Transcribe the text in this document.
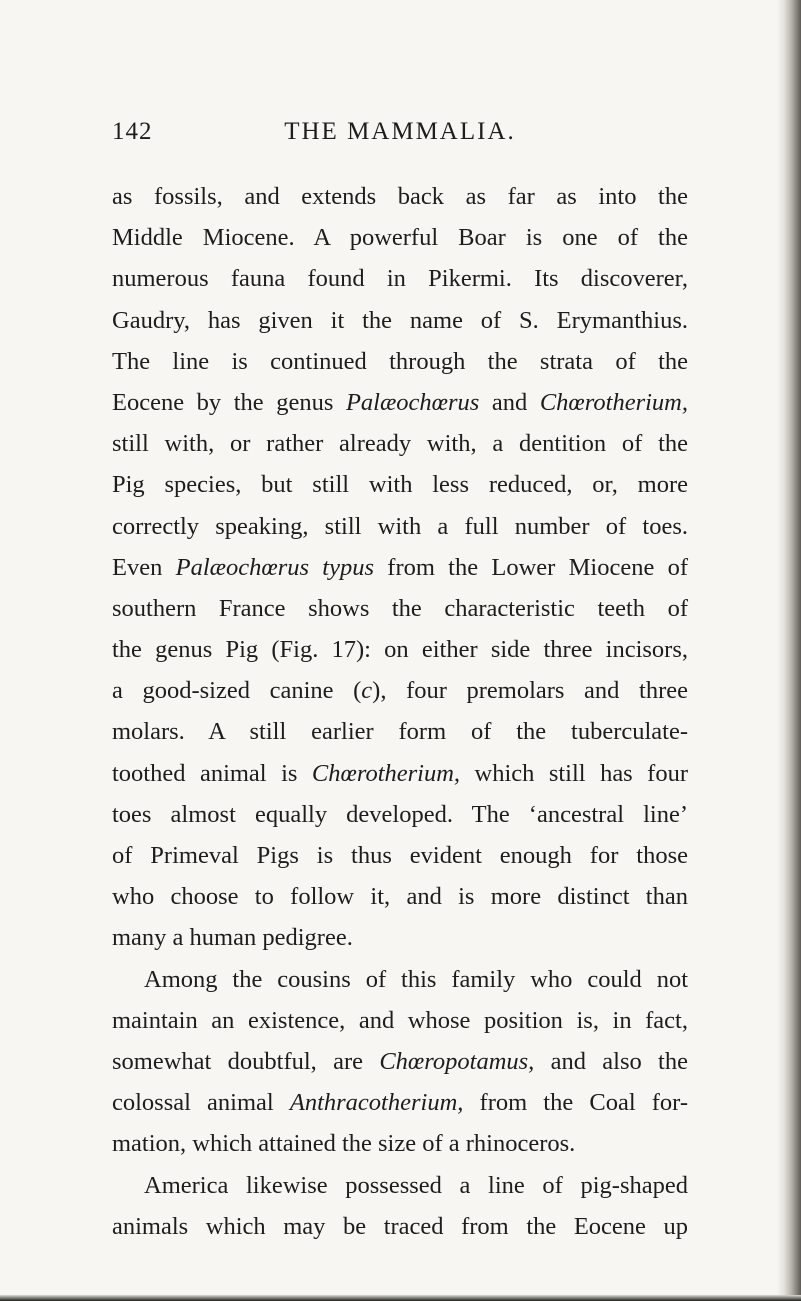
142	THE MAMMALIA.
as fossils, and extends back as far as into the
Middle Miocene. A powerful Boar is one of the
numerous fauna found in Pikermi. Its discoverer,
Gaudry, has given it the name of S. Erymanthius.
The line is continued through the strata of the
Eocene by the genus Palæochœrus and Chœrotherium,
still with, or rather already with, a dentition of the
Pig species, but still with less reduced, or, more
correctly speaking, still with a full number of toes.
Even Palæochœrus typus from the Lower Miocene of
southern France shows the characteristic teeth of
the genus Pig (Fig. 17): on either side three incisors,
a good-sized canine (c), four premolars and three
molars. A still earlier form of the tuberculate-
toothed animal is Chœrotherium, which still has four
toes almost equally developed. The ‘ancestral line’
of Primeval Pigs is thus evident enough for those
who choose to follow it, and is more distinct than
many a human pedigree.
Among the cousins of this family who could not
maintain an existence, and whose position is, in fact,
somewhat doubtful, are Chœropotamus, and also the
colossal animal Anthracotherium, from the Coal for-
mation, which attained the size of a rhinoceros.
America likewise possessed a line of pig-shaped
animals which may be traced from the Eocene up
